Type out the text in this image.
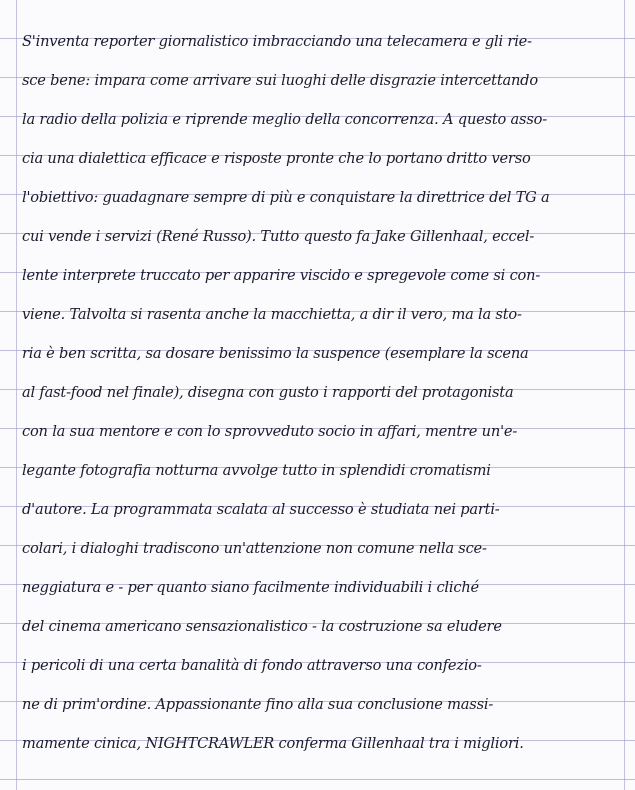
S'inventa reporter giornalistico imbracciando una telecamera e gli rie-
sce bene: impara come arrivare sui luoghi delle disgrazie intercettando
la radio della polizia e riprende meglio della concorrenza. A questo asso-
cia una dialettica efficace e risposte pronte che lo portano dritto verso
l'obiettivo: guadagnare sempre di più e conquistare la direttrice del TG a
cui vende i servizi (René Russo). Tutto questo fa Jake Gillenhaal, eccel-
lente interprete truccato per apparire viscido e spregevole come si con-
viene. Talvolta si rasenta anche la macchietta, a dir il vero, ma la sto-
ria è ben scritta, sa dosare benissimo la suspence (esemplare la scena
al fast-food nel finale), disegna con gusto i rapporti del protagonista
con la sua mentore e con lo sprovveduto socio in affari, mentre un'e-
legante fotografia notturna avvolge tutto in splendidi cromatismi
d'autore. La programmata scalata al successo è studiata nei parti-
colari, i dialoghi tradiscono un'attenzione non comune nella sce-
neggiatura e - per quanto siano facilmente individuabili i cliché
del cinema americano sensazionalistico - la costruzione sa eludere
i pericoli di una certa banalità di fondo attraverso una confezio-
ne di prim'ordine. Appassionante fino alla sua conclusione massi-
mamente cinica, NIGHTCRAWLER conferma Gillenhaal tra i migliori.
